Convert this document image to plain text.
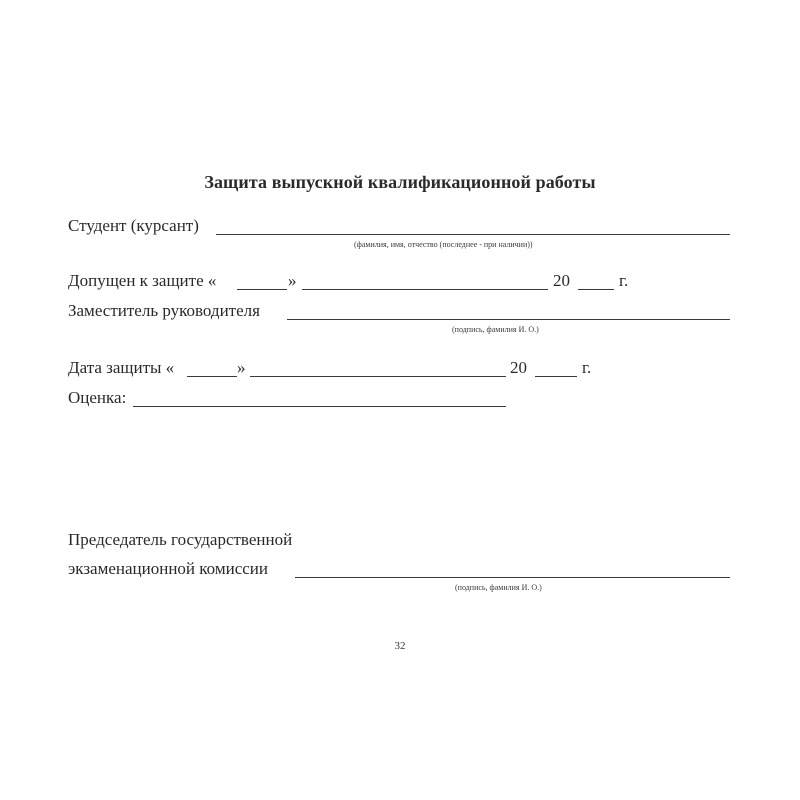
Защита выпускной квалификационной работы
Студент (курсант)
(фамилия, имя, отчество (последнее - при наличии))
Допущен к защите «	»	20	г.
Заместитель руководителя
(подпись, фамилия И. О.)
Дата защиты «	»	20	г.
Оценка:
Председатель государственной
экзаменационной комиссии
(подпись, фамилия И. О.)
32
